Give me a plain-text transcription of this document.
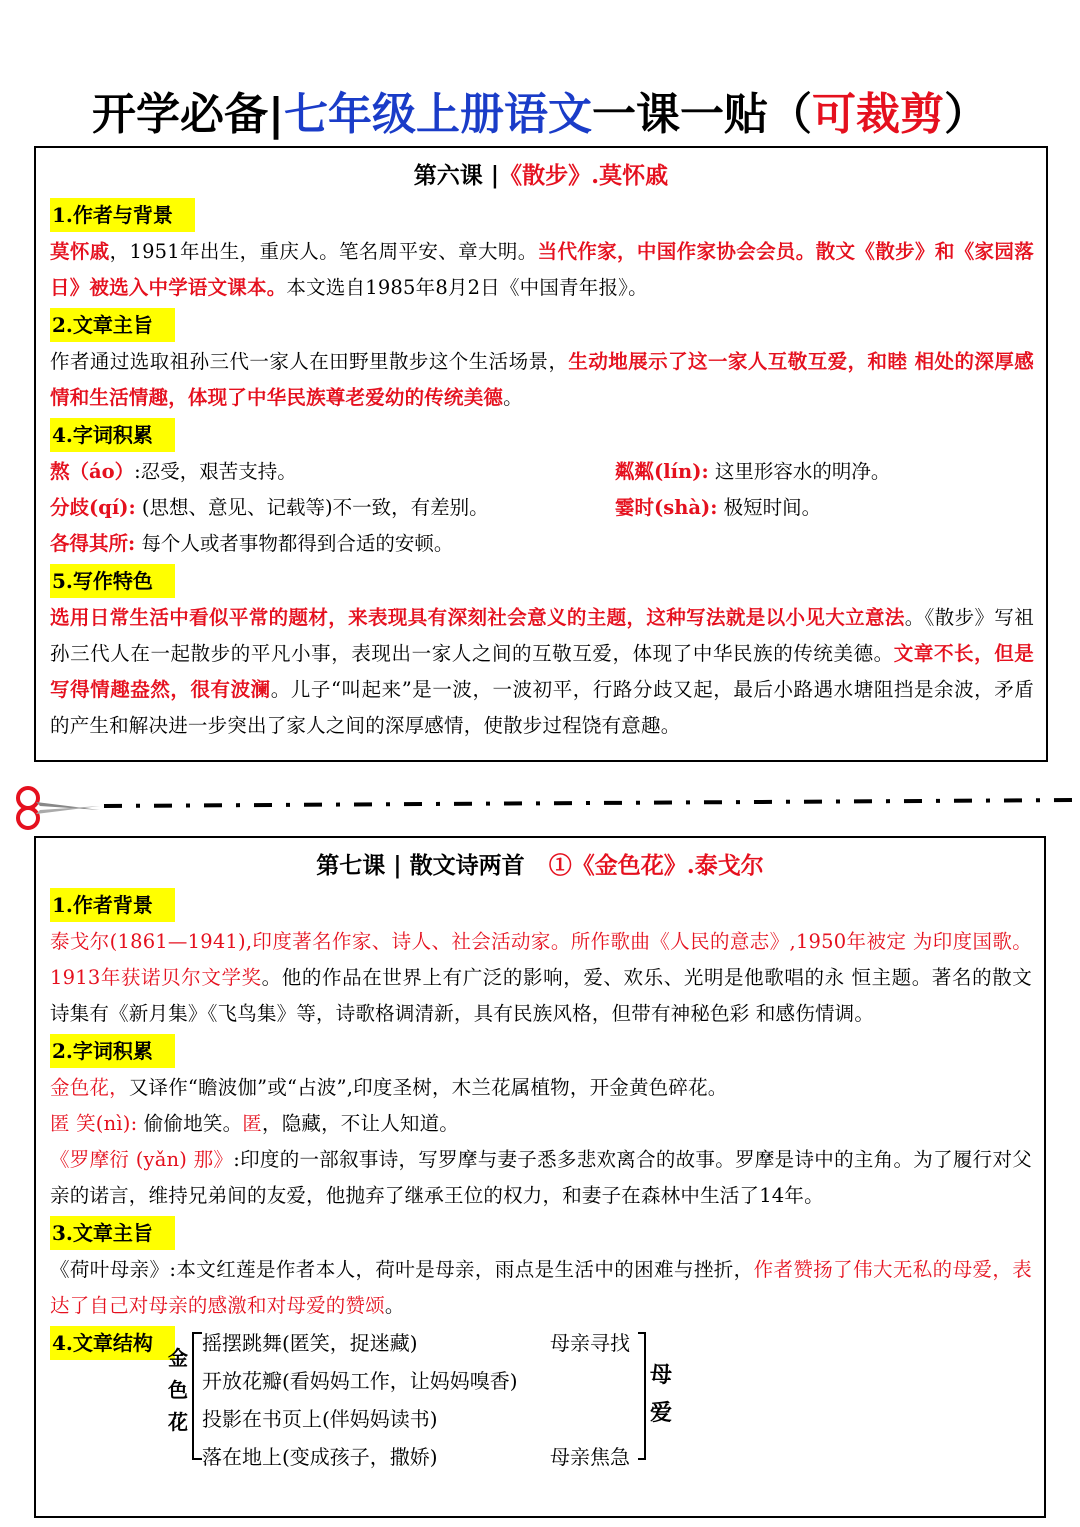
开学必备|七年级上册语文一课一贴（可裁剪）
第六课 |《散步》.莫怀戚
1.作者与背景

莫怀戚，1951年出生，重庆人。笔名周平安、章大明。当代作家，中国作家协会会员。散文《散步》和《家园落日》被选入中学语文课本。本文选自1985年8月2日《中国青年报》。

2.文章主旨

作者通过选取祖孙三代一家人在田野里散步这个生活场景，生动地展示了这一家人互敬互爱，和睦 相处的深厚感情和生活情趣，体现了中华民族尊老爱幼的传统美德。

4.字词积累
熬（áo）:忍受，艰苦支持。	粼粼(lín): 这里形容水的明净。
分歧(qí): (思想、意见、记载等)不一致，有差别。	霎时(shà): 极短时间。
各得其所: 每个人或者事物都得到合适的安顿。
5.写作特色

选用日常生活中看似平常的题材，来表现具有深刻社会意义的主题，这种写法就是以小见大立意法。《散步》写祖孙三代人在一起散步的平凡小事，表现出一家人之间的互敬互爱，体现了中华民族的传统美德。文章不长，但是写得情趣盎然，很有波澜。儿子“叫起来”是一波，一波初平，行路分歧又起，最后小路遇水塘阻挡是余波，矛盾的产生和解决进一步突出了家人之间的深厚感情，使散步过程饶有意趣。

第七课 | 散文诗两首 ①《金色花》.泰戈尔
1.作者背景

泰戈尔(1861—1941),印度著名作家、诗人、社会活动家。所作歌曲《人民的意志》,1950年被定 为印度国歌。1913年获诺贝尔文学奖。他的作品在世界上有广泛的影响，爱、欢乐、光明是他歌唱的永 恒主题。著名的散文诗集有《新月集》《飞鸟集》等，诗歌格调清新，具有民族风格，但带有神秘色彩 和感伤情调。

2.字词积累

金色花，又译作“瞻波伽”或“占波”,印度圣树，木兰花属植物，开金黄色碎花。

匿 笑(nì): 偷偷地笑。匿，隐藏，不让人知道。

《罗摩衍 (yǎn) 那》:印度的一部叙事诗，写罗摩与妻子悉多悲欢离合的故事。罗摩是诗中的主角。为了履行对父亲的诺言，维持兄弟间的友爱，他抛弃了继承王位的权力，和妻子在森林中生活了14年。

3.文章主旨

《荷叶母亲》:本文红莲是作者本人，荷叶是母亲，雨点是生活中的困难与挫折，作者赞扬了伟大无私的母爱，表达了自己对母亲的感激和对母爱的赞颂。

4.文章结构
金
色
花
摇摆跳舞(匿笑，捉迷藏)
开放花瓣(看妈妈工作，让妈妈嗅香)
投影在书页上(伴妈妈读书)
落在地上(变成孩子，撒娇)
母亲寻找
母亲焦急
母
爱
